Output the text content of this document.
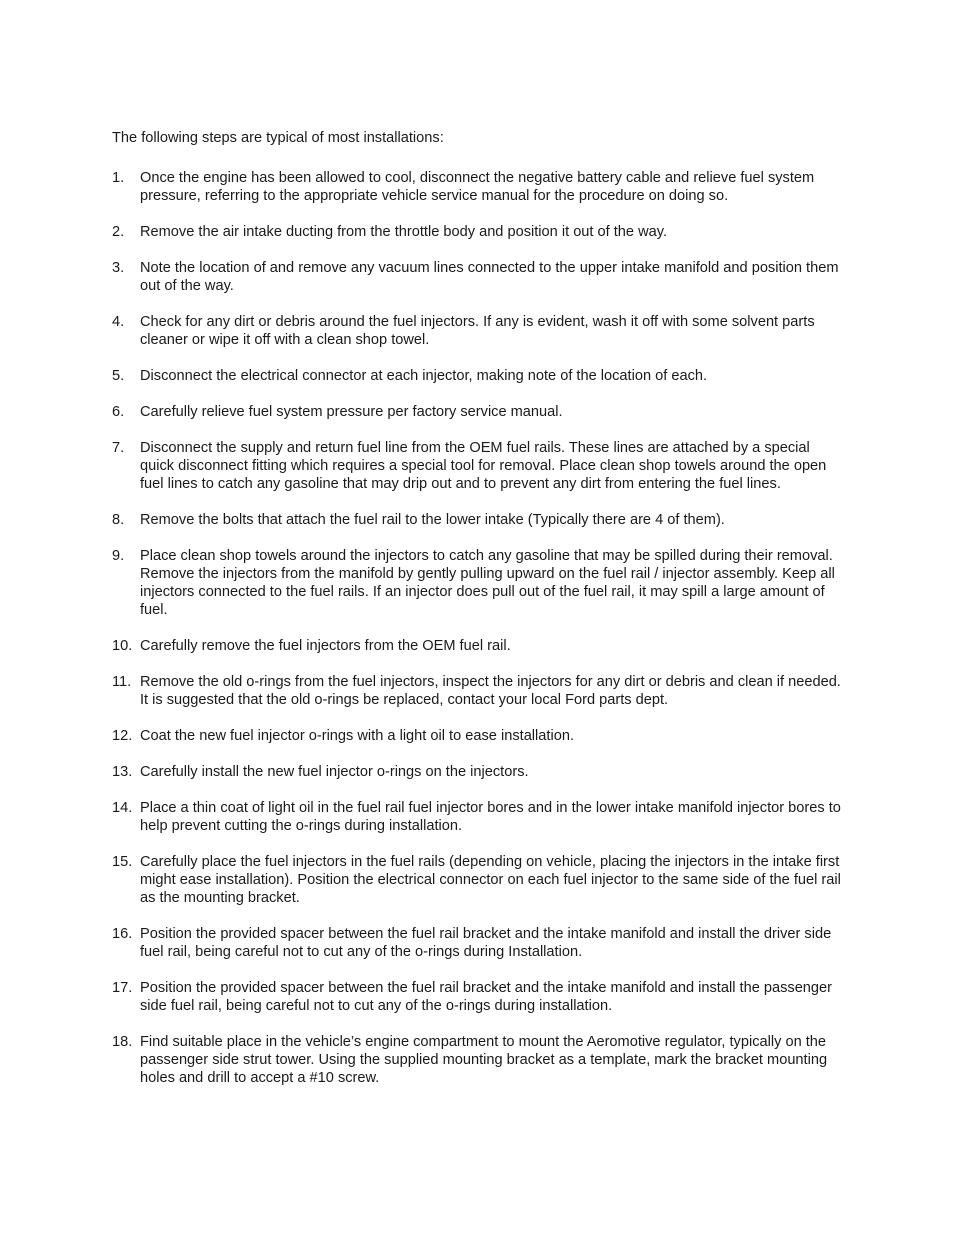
The following steps are typical of most installations:

1.	Once the engine has been allowed to cool, disconnect the negative battery cable and relieve fuel system pressure, referring to the appropriate vehicle service manual for the procedure on doing so.
2.	Remove the air intake ducting from the throttle body and position it out of the way.
3.	Note the location of and remove any vacuum lines connected to the upper intake manifold and position them out of the way.
4.	Check for any dirt or debris around the fuel injectors. If any is evident, wash it off with some solvent parts cleaner or wipe it off with a clean shop towel.
5.	Disconnect the electrical connector at each injector, making note of the location of each.
6.	Carefully relieve fuel system pressure per factory service manual.
7.	Disconnect the supply and return fuel line from the OEM fuel rails. These lines are attached by a special quick disconnect fitting which requires a special tool for removal. Place clean shop towels around the open fuel lines to catch any gasoline that may drip out and to prevent any dirt from entering the fuel lines.
8.	Remove the bolts that attach the fuel rail to the lower intake (Typically there are 4 of them).
9.	Place clean shop towels around the injectors to catch any gasoline that may be spilled during their removal. Remove the injectors from the manifold by gently pulling upward on the fuel rail / injector assembly. Keep all injectors connected to the fuel rails. If an injector does pull out of the fuel rail, it may spill a large amount of fuel.
10. Carefully remove the fuel injectors from the OEM fuel rail.
11. Remove the old o-rings from the fuel injectors, inspect the injectors for any dirt or debris and clean if needed. It is suggested that the old o-rings be replaced, contact your local Ford parts dept.
12. Coat the new fuel injector o-rings with a light oil to ease installation.
13. Carefully install the new fuel injector o-rings on the injectors.
14. Place a thin coat of light oil in the fuel rail fuel injector bores and in the lower intake manifold injector bores to help prevent cutting the o-rings during installation.
15. Carefully place the fuel injectors in the fuel rails (depending on vehicle, placing the injectors in the intake first might ease installation). Position the electrical connector on each fuel injector to the same side of the fuel rail as the mounting bracket.
16. Position the provided spacer between the fuel rail bracket and the intake manifold and install the driver side fuel rail, being careful not to cut any of the o-rings during Installation.
17. Position the provided spacer between the fuel rail bracket and the intake manifold and install the passenger side fuel rail, being careful not to cut any of the o-rings during installation.
18. Find suitable place in the vehicle’s engine compartment to mount the Aeromotive regulator, typically on the passenger side strut tower. Using the supplied mounting bracket as a template, mark the bracket mounting holes and drill to accept a #10 screw.
